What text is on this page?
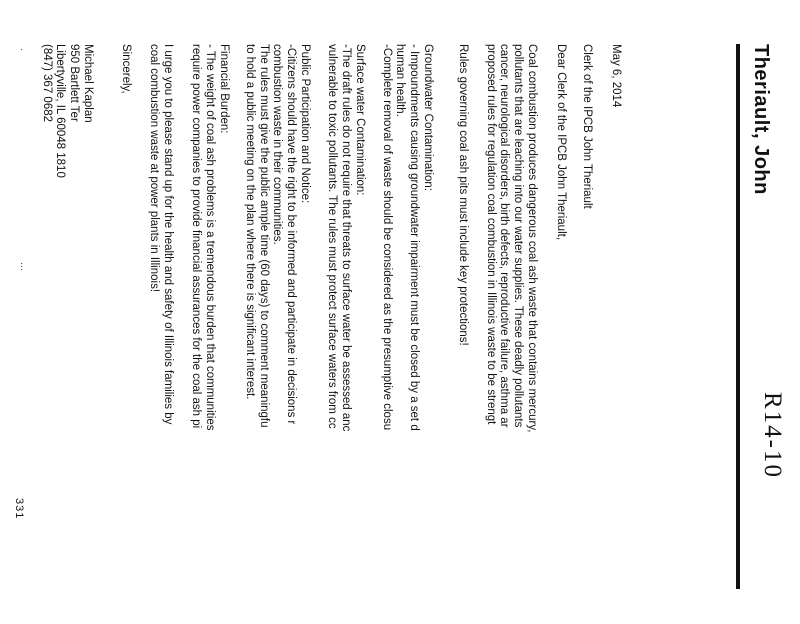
Theriault, John
R14-10
May 6, 2014
Clerk of the IPCB John Theriault
Dear Clerk of the IPCB John Theriault,

Coal combustion produces dangerous coal ash waste that contains mercury,

pollutants that are leaching into our water supplies. These deadly pollutants

cancer, neurological disorders, birth defects, reproductive failure, asthma ar

proposed rules for regulation coal combustion in Illinois waste to be strengt

Rules governing coal ash pits must include key protections!

Groundwater Contamination:

- Impoundments causing groundwater impairment must be closed by a set d

human health.

-Complete removal of waste should be considered as the presumptive closu

Surface water Contamination:

-The draft rules do not require that threats to surface water be assessed anc

vulnerable to toxic pollutants. The rules must protect surface waters from cc

Public Participation and Notice:

-Citizens should have the right to be informed and participate in decisions r

combustion waste in their communities.

The rules must give the public ample time (60 days) to comment meaningfu

to hold a public meeting on the plan where there is significant interest.

Financial Burden:

- The weight of coal ash problems is a tremendous burden that communities

require power companies to provide financial assurances for the coal ash pi

I urge you to please stand up for the health and safety of Illinois families by

coal combustion waste at power plants in Illinois!

Sincerely,

Michael Kaplan

950 Bartlett Ter

Libertyville, IL 60048 1810

(847) 367 0682

.
...
331
